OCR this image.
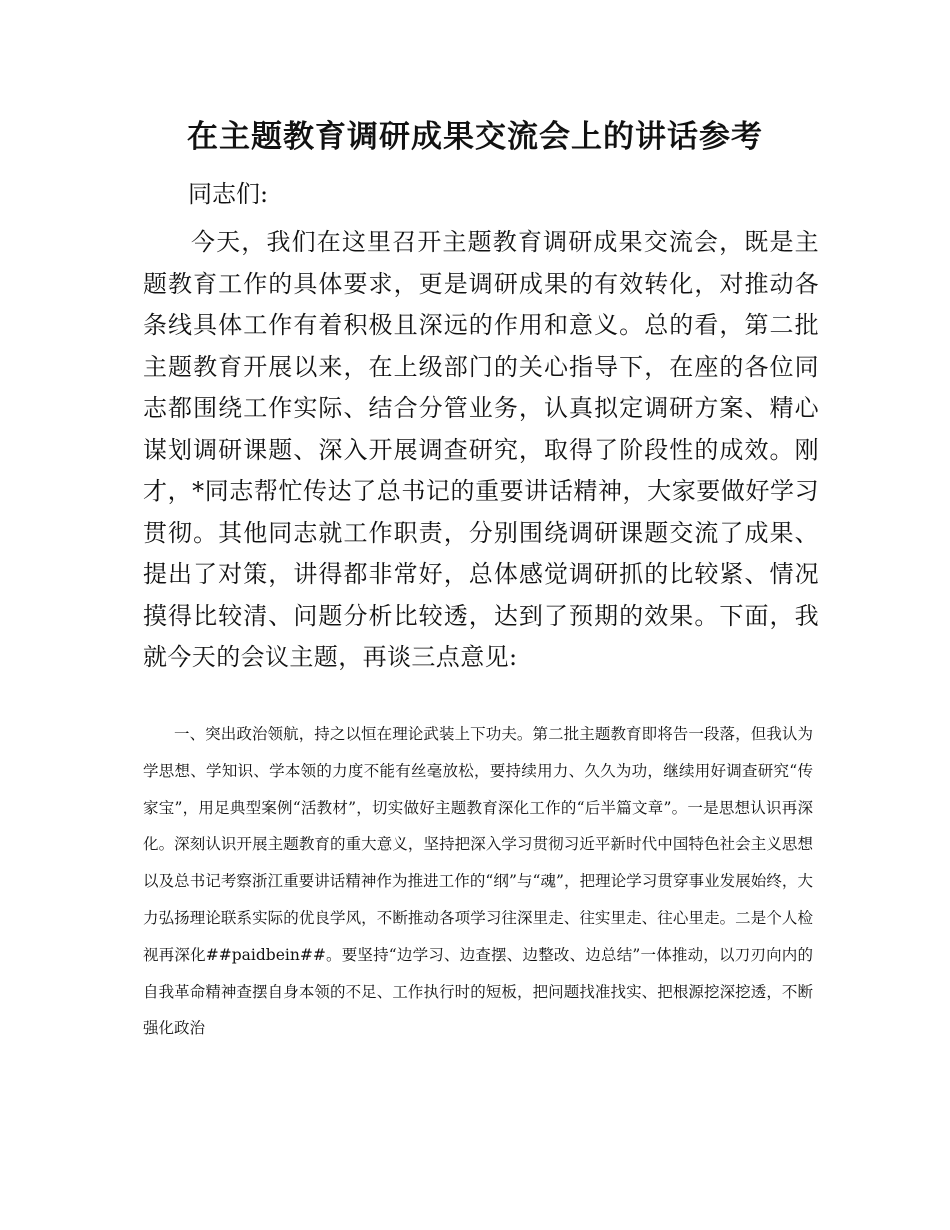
在主题教育调研成果交流会上的讲话参考

同志们:

今天，我们在这里召开主题教育调研成果交流会，既是主题教育工作的具体要求，更是调研成果的有效转化，对推动各条线具体工作有着积极且深远的作用和意义。总的看，第二批主题教育开展以来，在上级部门的关心指导下，在座的各位同志都围绕工作实际、结合分管业务，认真拟定调研方案、精心谋划调研课题、深入开展调查研究，取得了阶段性的成效。刚才，*同志帮忙传达了总书记的重要讲话精神，大家要做好学习贯彻。其他同志就工作职责，分别围绕调研课题交流了成果、提出了对策，讲得都非常好，总体感觉调研抓的比较紧、情况摸得比较清、问题分析比较透，达到了预期的效果。下面，我就今天的会议主题，再谈三点意见:

一、突出政治领航，持之以恒在理论武装上下功夫。第二批主题教育即将告一段落，但我认为学思想、学知识、学本领的力度不能有丝毫放松，要持续用力、久久为功，继续用好调查研究“传家宝”，用足典型案例“活教材”，切实做好主题教育深化工作的“后半篇文章”。一是思想认识再深化。深刻认识开展主题教育的重大意义，坚持把深入学习贯彻习近平新时代中国特色社会主义思想以及总书记考察浙江重要讲话精神作为推进工作的“纲”与“魂”，把理论学习贯穿事业发展始终，大力弘扬理论联系实际的优良学风，不断推动各项学习往深里走、往实里走、往心里走。二是个人检视再深化##paidbein##。要坚持“边学习、边查摆、边整改、边总结”一体推动，以刀刃向内的自我革命精神查摆自身本领的不足、工作执行时的短板，把问题找准找实、把根源挖深挖透，不断强化政治
